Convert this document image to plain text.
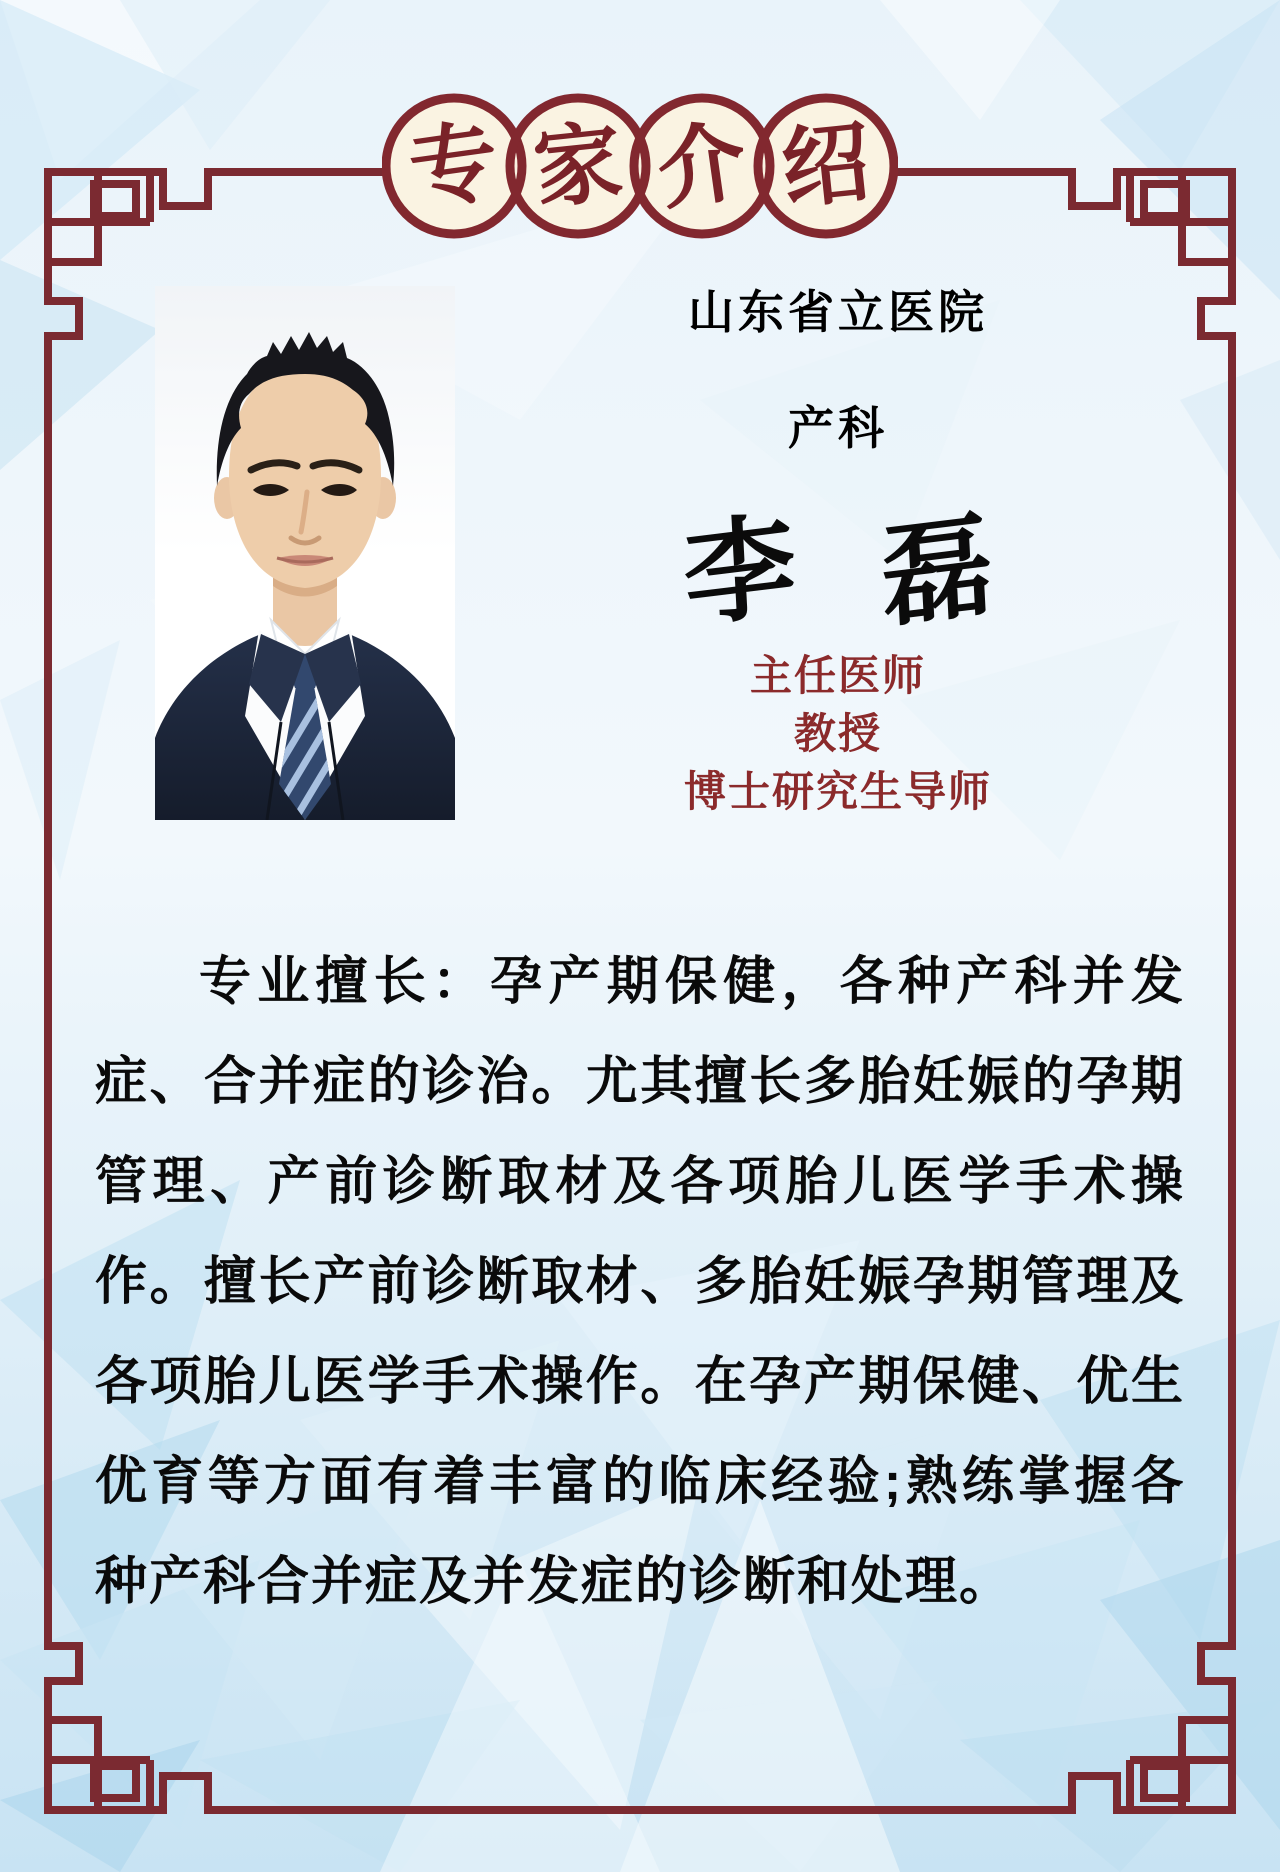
专 家 介 绍
山东省立医院
产科
李 磊
主任医师
教授
博士研究生导师

专业擅长：孕产期保健，各种产科并发症、合并症的诊治。尤其擅长多胎妊娠的孕期管理、产前诊断取材及各项胎儿医学手术操作。擅长产前诊断取材、多胎妊娠孕期管理及各项胎儿医学手术操作。在孕产期保健、优生优育等方面有着丰富的临床经验;熟练掌握各种产科合并症及并发症的诊断和处理。
